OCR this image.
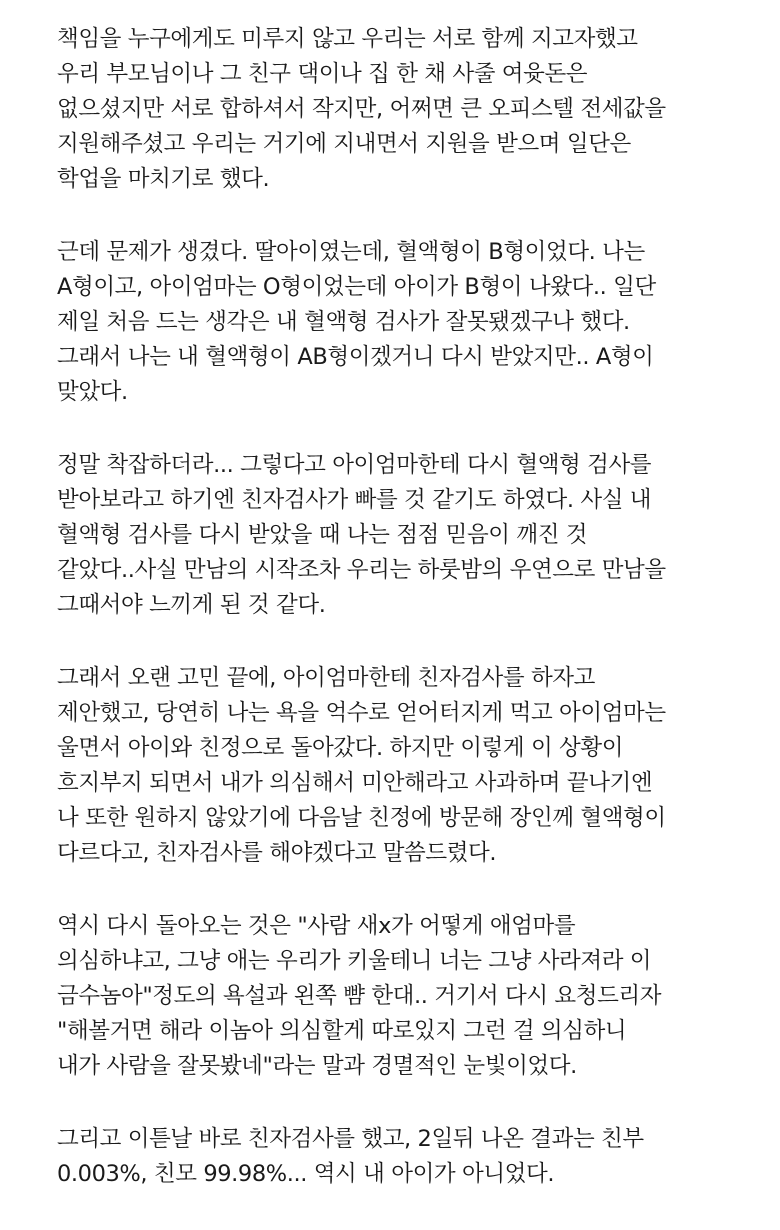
책임을 누구에게도 미루지 않고 우리는 서로 함께 지고자했고
우리 부모님이나 그 친구 댁이나 집 한 채 사줄 여윳돈은
없으셨지만 서로 합하셔서 작지만, 어쩌면 큰 오피스텔 전세값을
지원해주셨고 우리는 거기에 지내면서 지원을 받으며 일단은
학업을 마치기로 했다.
근데 문제가 생겼다. 딸아이였는데, 혈액형이 B형이었다. 나는
A형이고, 아이엄마는 O형이었는데 아이가 B형이 나왔다.. 일단
제일 처음 드는 생각은 내 혈액형 검사가 잘못됐겠구나 했다.
그래서 나는 내 혈액형이 AB형이겠거니 다시 받았지만.. A형이
맞았다.
정말 착잡하더라... 그렇다고 아이엄마한테 다시 혈액형 검사를
받아보라고 하기엔 친자검사가 빠를 것 같기도 하였다. 사실 내
혈액형 검사를 다시 받았을 때 나는 점점 믿음이 깨진 것
같았다..사실 만남의 시작조차 우리는 하룻밤의 우연으로 만남을
그때서야 느끼게 된 것 같다.
그래서 오랜 고민 끝에, 아이엄마한테 친자검사를 하자고
제안했고, 당연히 나는 욕을 억수로 얻어터지게 먹고 아이엄마는
울면서 아이와 친정으로 돌아갔다. 하지만 이렇게 이 상황이
흐지부지 되면서 내가 의심해서 미안해라고 사과하며 끝나기엔
나 또한 원하지 않았기에 다음날 친정에 방문해 장인께 혈액형이
다르다고, 친자검사를 해야겠다고 말씀드렸다.
역시 다시 돌아오는 것은 "사람 새x가 어떻게 애엄마를
의심하냐고, 그냥 애는 우리가 키울테니 너는 그냥 사라져라 이
금수놈아"정도의 욕설과 왼쪽 뺨 한대.. 거기서 다시 요청드리자
"해볼거면 해라 이놈아 의심할게 따로있지 그런 걸 의심하니
내가 사람을 잘못봤네"라는 말과 경멸적인 눈빛이었다.
그리고 이튿날 바로 친자검사를 했고, 2일뒤 나온 결과는 친부
0.003%, 친모 99.98%... 역시 내 아이가 아니었다.
